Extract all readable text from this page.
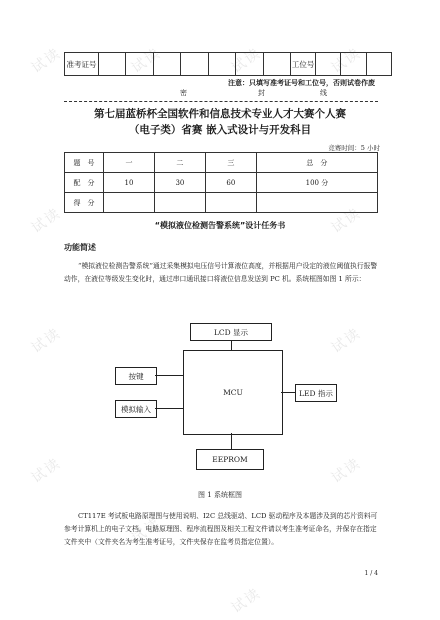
试读	试读	试读	试读
试读	试读
试读	试读
试读
试读
试读
试读
准考证号								工位号			
注意：只填写准考证号和工位号，否则试卷作废
密	封	线
第七届蓝桥杯全国软件和信息技术专业人才大赛个人赛
（电子类）省赛 嵌入式设计与开发科目
竞赛时间：5 小时
题　号	一	二	三	总　分
配　分	10	30	60	100 分
得　分				
“模拟液位检测告警系统”设计任务书
功能简述
“模拟液位检测告警系统”通过采集模拟电压信号计算液位高度，并根据用户设定的液位阈值执行报警动作，在液位等级发生变化时，通过串口通讯接口将液位信息发送到 PC 机。系统框图如图 1 所示：
LCD 显示
MCU
按键
模拟输入
LED 指示
EEPROM
图 1 系统框图
CT117E 考试板电路原理图与使用说明、I2C 总线驱动、LCD 驱动程序及本题涉及到的芯片资料可参考计算机上的电子文档。电路原理图、程序流程图及相关工程文件请以考生准考证命名，并保存在指定文件夹中（文件夹名为考生准考证号，文件夹保存在监考员指定位置）。
1 / 4
